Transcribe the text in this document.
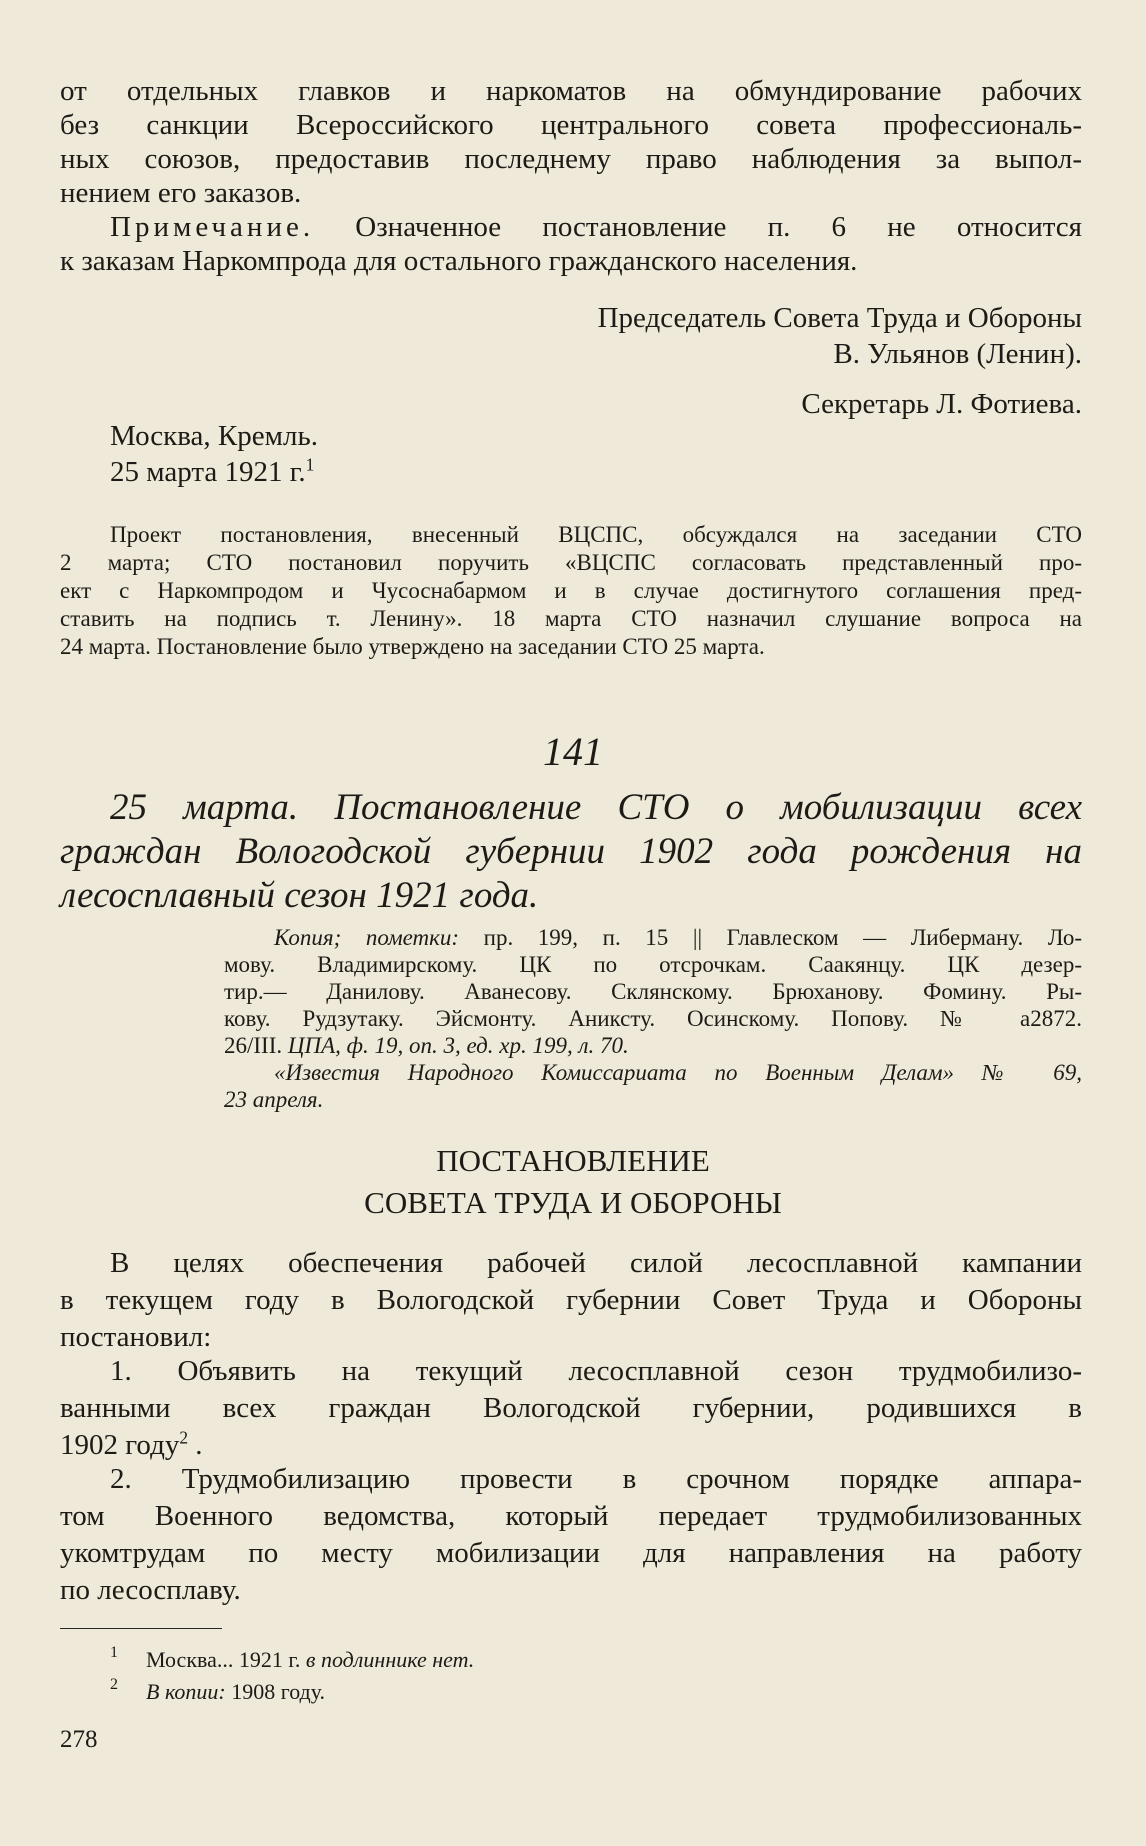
от отдельных главков и наркоматов на обмундирование рабочих

без санкции Всероссийского центрального совета профессиональ-

ных союзов, предоставив последнему право наблюдения за выпол-

нением его заказов.

Примечание. Означенное постановление п. 6 не относится

к заказам Наркомпрода для остального гражданского населения.

Председатель Совета Труда и Обороны

В. Ульянов (Ленин).

Секретарь Л. Фотиева.

Москва, Кремль.

25 марта 1921 г.$^1$

Проект постановления, внесенный ВЦСПС, обсуждался на заседании СТО

2 марта; СТО постановил поручить «ВЦСПС согласовать представленный про-

ект с Наркомпродом и Чусоснабармом и в случае достигнутого соглашения пред-

ставить на подпись т. Ленину». 18 марта СТО назначил слушание вопроса на

24 марта. Постановление было утверждено на заседании СТО 25 марта.

141

25 марта. Постановление СТО о мобилизации всех

граждан Вологодской губернии 1902 года рождения на

лесосплавный сезон 1921 года.

Копия; пометки: пр. 199, п. 15 || Главлеском — Либерману. Ло-

мову. Владимирскому. ЦК по отсрочкам. Саакянцу. ЦК дезер-

тир.— Данилову. Аванесову. Склянскому. Брюханову. Фомину. Ры-

кову. Рудзутаку. Эйсмонту. Аниксту. Осинскому. Попову. № а2872.

26/III. ЦПА, ф. 19, оп. 3, ед. хр. 199, л. 70.

«Известия Народного Комиссариата по Военным Делам» № 69,

23 апреля.

ПОСТАНОВЛЕНИЕ

СОВЕТА ТРУДА И ОБОРОНЫ

В целях обеспечения рабочей силой лесосплавной кампании

в текущем году в Вологодской губернии Совет Труда и Обороны

постановил:

1. Объявить на текущий лесосплавной сезон трудмобилизо-

ванными всех граждан Вологодской губернии, родившихся в

1902 году$^2$ .

2. Трудмобилизацию провести в срочном порядке аппара-

том Военного ведомства, который передает трудмобилизованных

укомтрудам по месту мобилизации для направления на работу

по лесосплаву.

1 Москва... 1921 г. в подлиннике нет.

2 В копии: 1908 году.

278
